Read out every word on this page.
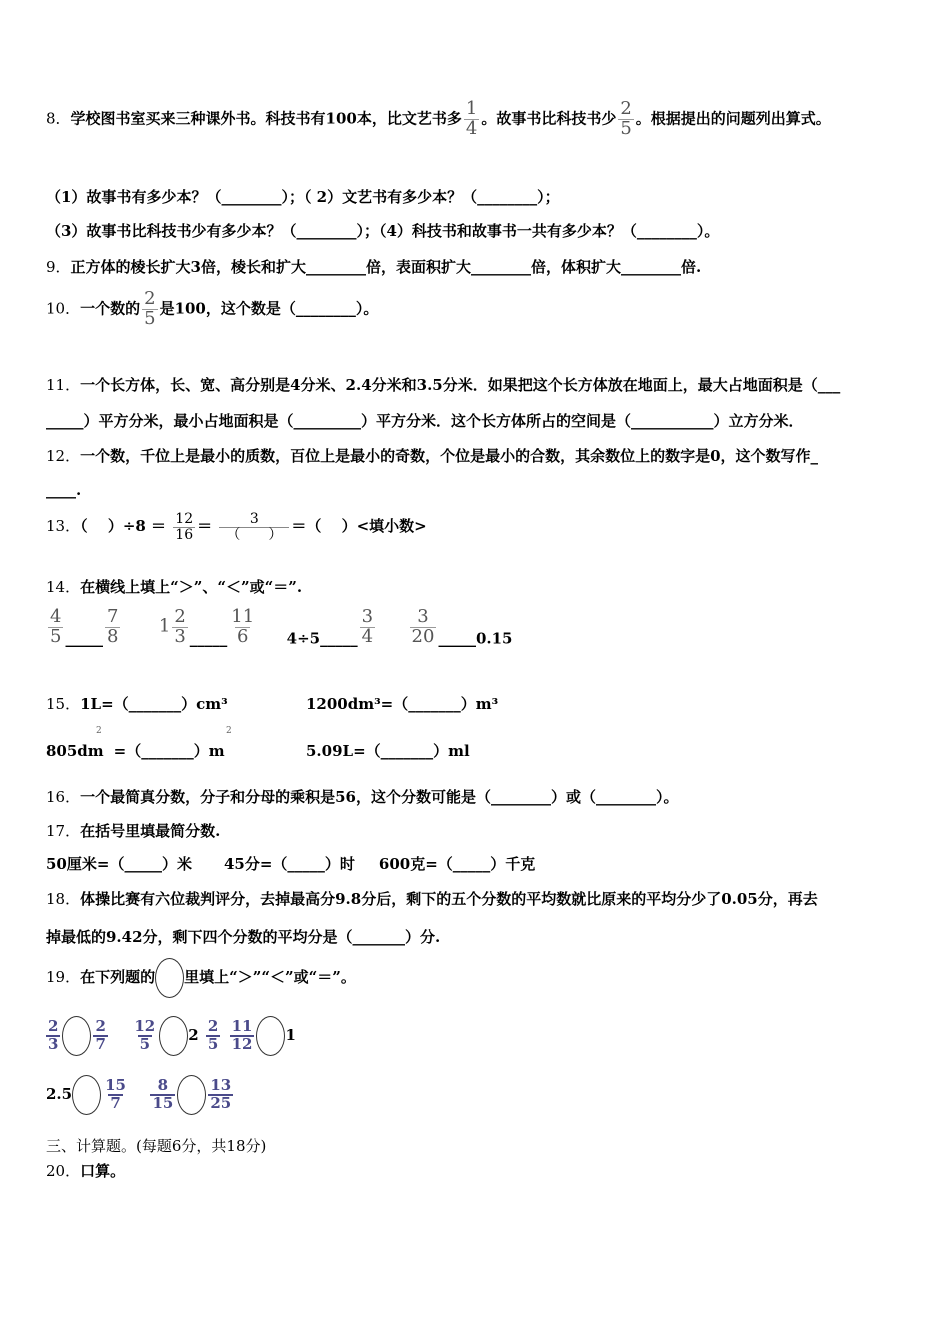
8．学校图书室买来三种课外书。科技书有100本，比文艺书多 $\frac{1}{4}$ 。故事书比科技书少 $\frac{2}{5}$ 。根据提出的问题列出算式。
（1）故事书有多少本？（________）；（ 2）文艺书有多少本？（________）；
（3）故事书比科技书少有多少本？（________）；（4）科技书和故事书一共有多少本？（________）。
9．正方体的棱长扩大3倍，棱长和扩大________倍，表面积扩大________倍，体积扩大________倍.
10．一个数的 $\frac{2}{5}$ 是100，这个数是（________）。
11．一个长方体，长、宽、高分别是4分米、2.4分米和3.5分米．如果把这个长方体放在地面上，最大占地面积是（___
_____）平方分米，最小占地面积是（_________）平方分米．这个长方体所占的空间是（___________）立方分米．
12．一个数，千位上是最小的质数，百位上是最小的奇数，个位是最小的合数，其余数位上的数字是0，这个数写作_
____.
13．（　 ）$\div 8 = \frac{12}{16}$ ＝	3
（　　） ＝（　 ）<填小数>
14．在横线上填上“＞”、“＜”或“＝”.
$\frac{4}{5}$ _____ $\frac{7}{8} 1 \frac{2}{3}$ _____ $\frac{11}{6}$ 4÷5_____ $\frac{3}{4}$
$\frac{3}{20}$ _____0.15
15．1L=（_______）cm³	1200dm³=（_______）m³
805dm =（_______）m
2	2
5.09L=（_______）ml
16．一个最简真分数，分子和分母的乘积是56，这个分数可能是（________）或（________）。
17．在括号里填最简分数.
50厘米=（_____）米 45分=（_____）时 600克=（_____）千克
18．体操比赛有六位裁判评分，去掉最高分9.8分后，剩下的五个分数的平均数就比原来的平均分少了0.05分，再去
掉最低的9.42分，剩下四个分数的平均分是（_______）分.
19．在下列题的 里填上“＞”“＜”或“＝”。
$\frac{2}{3} \frac{2}{7}$
$\frac{12}{5} 2 \frac{2}{5}$
$\frac{11}{12} 1$
$2.5 \frac{15}{7}$
$\frac{8}{15} \frac{13}{25}$
三、计算题。(每题6分，共18分)
20．口算。
